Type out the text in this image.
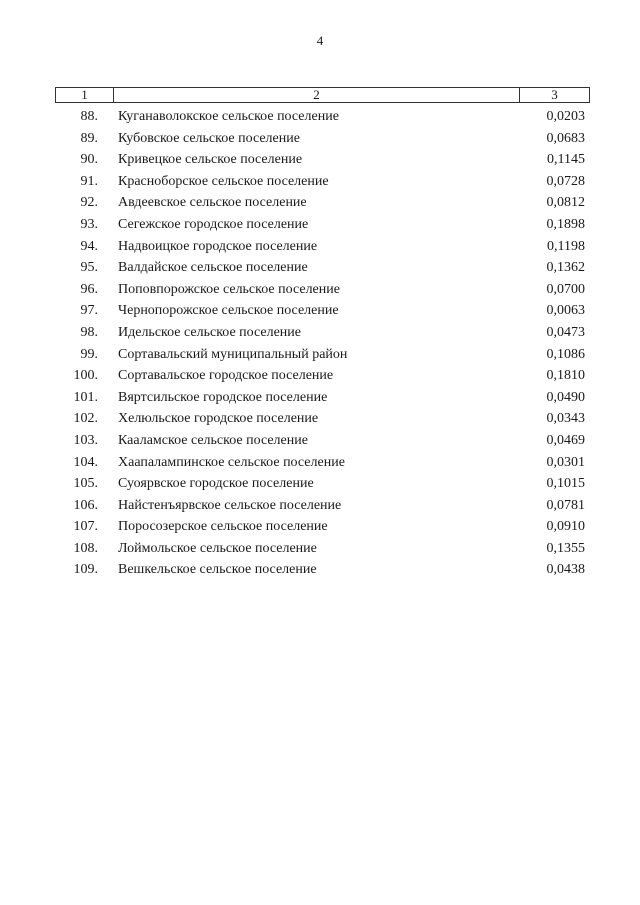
4
1	2	3
88. Куганаволокское сельское поселение	0,0203
89. Кубовское сельское поселение	0,0683
90. Кривецкое сельское поселение	0,1145
91. Красноборское сельское поселение	0,0728
92. Авдеевское сельское поселение	0,0812
93. Сегежское городское поселение	0,1898
94. Надвоицкое городское поселение	0,1198
95. Валдайское сельское поселение	0,1362
96. Поповпорожское сельское поселение	0,0700
97. Чернопорожское сельское поселение	0,0063
98. Идельское сельское поселение	0,0473
99. Сортавальский муниципальный район	0,1086
100. Сортавальское городское поселение	0,1810
101. Вяртсильское городское поселение	0,0490
102. Хелюльское городское поселение	0,0343
103. Кааламское сельское поселение	0,0469
104. Хаапалампинское сельское поселение	0,0301
105. Суоярвское городское поселение	0,1015
106. Найстенъярвское сельское поселение	0,0781
107. Поросозерское сельское поселение	0,0910
108. Лоймольское сельское поселение	0,1355
109. Вешкельское сельское поселение	0,0438
